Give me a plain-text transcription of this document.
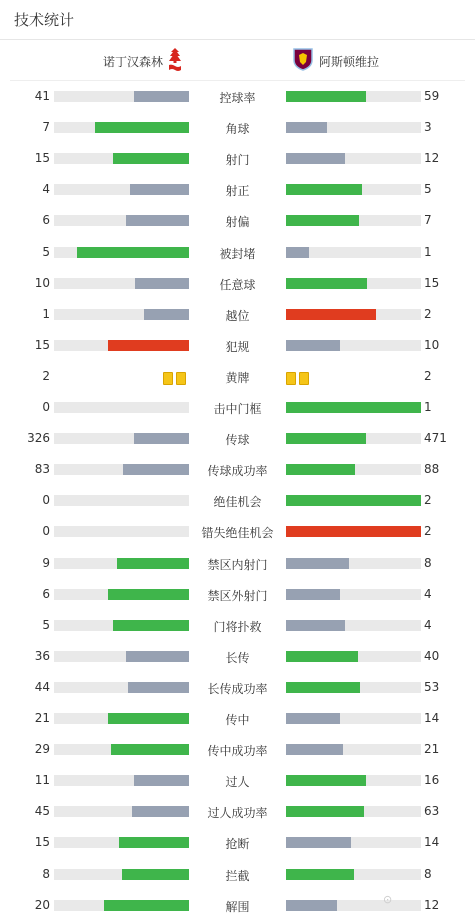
技术统计
诺丁汉森林	阿斯顿维拉
41	控球率	59
7	角球	3
15	射门	12
4	射正	5
6	射偏	7
5	被封堵	1
10	任意球	15
1	越位	2
15	犯规	10
2	黄牌	2
0	击中门框	1
326	传球	471
83	传球成功率	88
0	绝佳机会	2
0	错失绝佳机会	2
9	禁区内射门	8
6	禁区外射门	4
5	门将扑救	4
36	长传	40
44	长传成功率	53
21	传中	14
29	传中成功率	21
11	过人	16
45	过人成功率	63
15	抢断	14
8	拦截	8
20	解围	12
⊙
